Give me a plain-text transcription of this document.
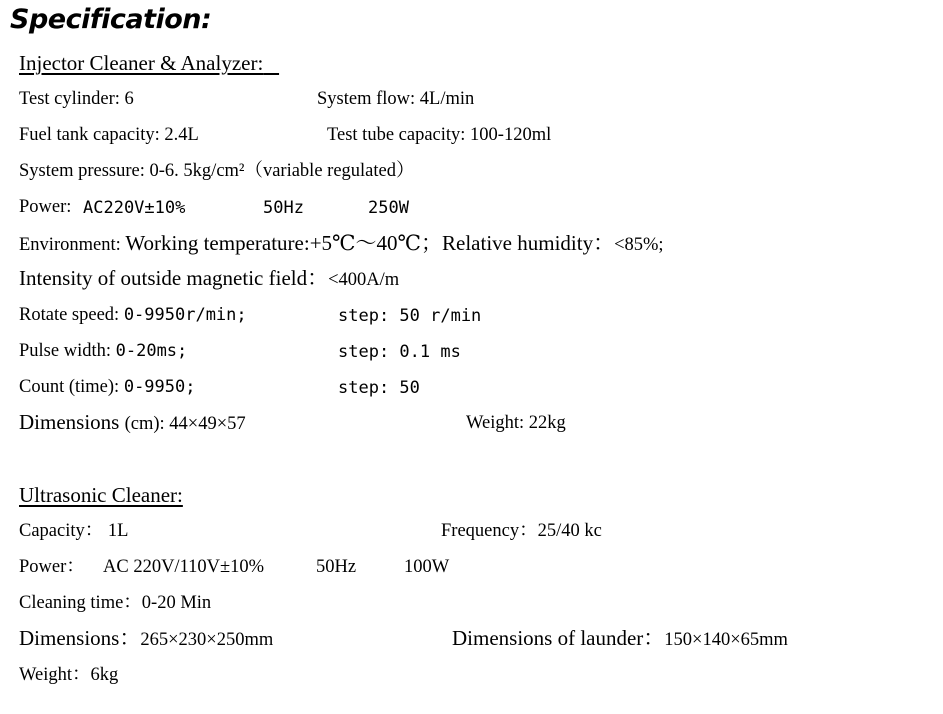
Specification:
Injector Cleaner & Analyzer:
Test cylinder: 6	System flow: 4L/min
Fuel tank capacity: 2.4L	Test tube capacity: 100-120ml
System pressure: 0-6. 5kg/cm²（variable regulated）
Power: AC220V±10%	50Hz	250W
Environment: Working temperature:+5℃～40℃；Relative humidity：<85%;
Intensity of outside magnetic field：<400A/m
Rotate speed: 0-9950r/min;	step: 50 r/min
Pulse width: 0-20ms;	step: 0.1 ms
Count (time): 0-9950;	step: 50
Dimensions (cm): 44×49×57	Weight: 22kg
Ultrasonic Cleaner:
Capacity： 1L	Frequency：25/40 kc
Power： AC 220V/110V±10%	50Hz	100W
Cleaning time：0-20 Min
Dimensions：265×230×250mm	Dimensions of launder：150×140×65mm
Weight：6kg
